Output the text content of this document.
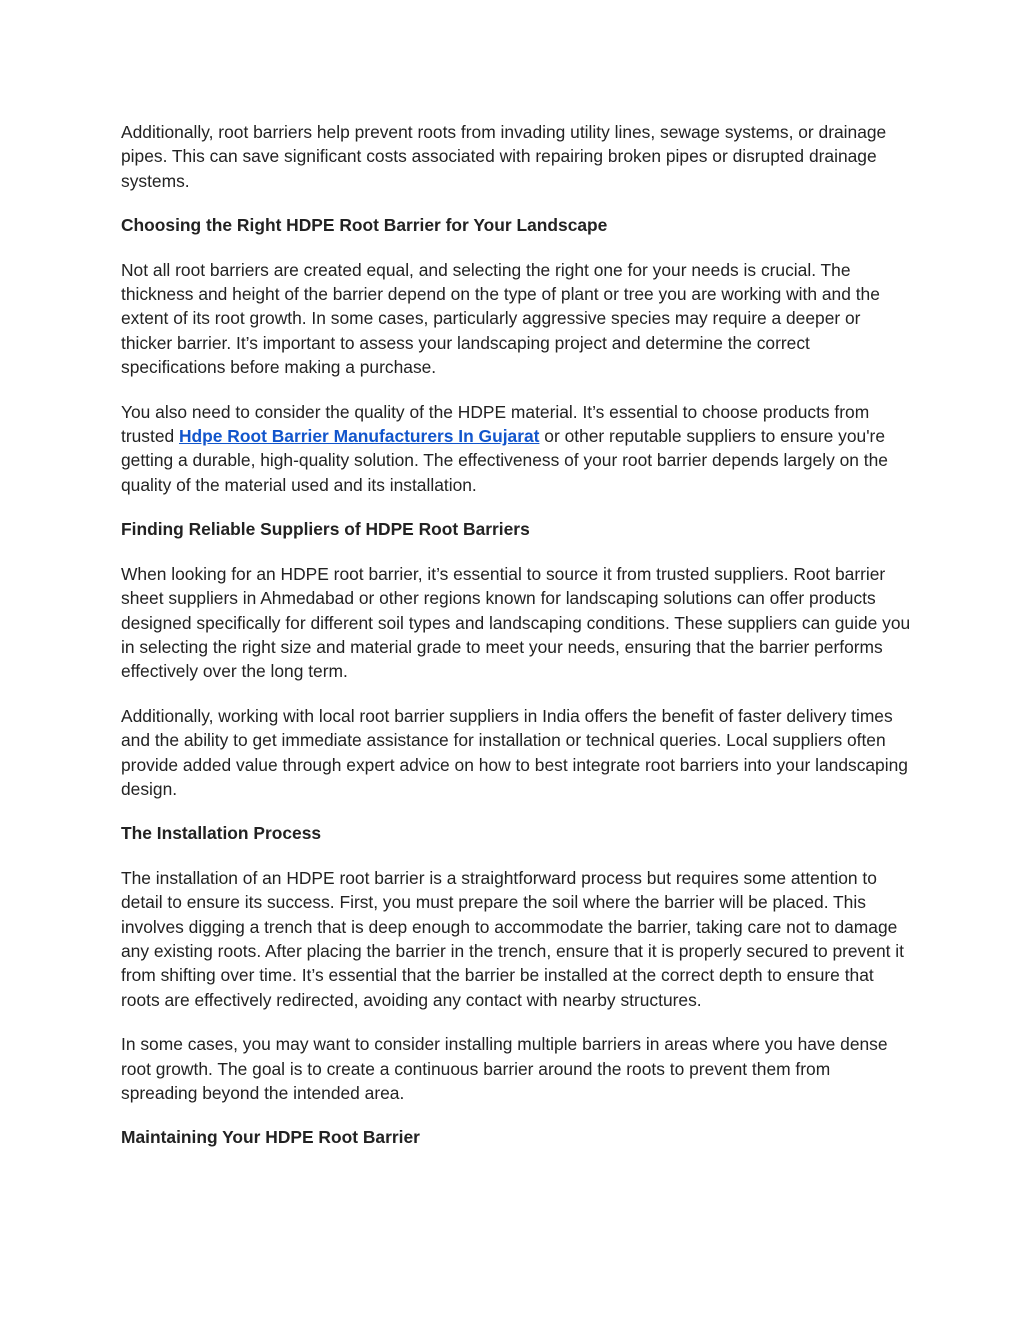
Additionally, root barriers help prevent roots from invading utility lines, sewage systems, or drainage pipes. This can save significant costs associated with repairing broken pipes or disrupted drainage systems.

Choosing the Right HDPE Root Barrier for Your Landscape

Not all root barriers are created equal, and selecting the right one for your needs is crucial. The thickness and height of the barrier depend on the type of plant or tree you are working with and the extent of its root growth. In some cases, particularly aggressive species may require a deeper or thicker barrier. It’s important to assess your landscaping project and determine the correct specifications before making a purchase.

You also need to consider the quality of the HDPE material. It’s essential to choose products from trusted Hdpe Root Barrier Manufacturers In Gujarat or other reputable suppliers to ensure you're getting a durable, high-quality solution. The effectiveness of your root barrier depends largely on the quality of the material used and its installation.

Finding Reliable Suppliers of HDPE Root Barriers

When looking for an HDPE root barrier, it’s essential to source it from trusted suppliers. Root barrier sheet suppliers in Ahmedabad or other regions known for landscaping solutions can offer products designed specifically for different soil types and landscaping conditions. These suppliers can guide you in selecting the right size and material grade to meet your needs, ensuring that the barrier performs effectively over the long term.

Additionally, working with local root barrier suppliers in India offers the benefit of faster delivery times and the ability to get immediate assistance for installation or technical queries. Local suppliers often provide added value through expert advice on how to best integrate root barriers into your landscaping design.

The Installation Process

The installation of an HDPE root barrier is a straightforward process but requires some attention to detail to ensure its success. First, you must prepare the soil where the barrier will be placed. This involves digging a trench that is deep enough to accommodate the barrier, taking care not to damage any existing roots. After placing the barrier in the trench, ensure that it is properly secured to prevent it from shifting over time. It’s essential that the barrier be installed at the correct depth to ensure that roots are effectively redirected, avoiding any contact with nearby structures.

In some cases, you may want to consider installing multiple barriers in areas where you have dense root growth. The goal is to create a continuous barrier around the roots to prevent them from spreading beyond the intended area.

Maintaining Your HDPE Root Barrier
